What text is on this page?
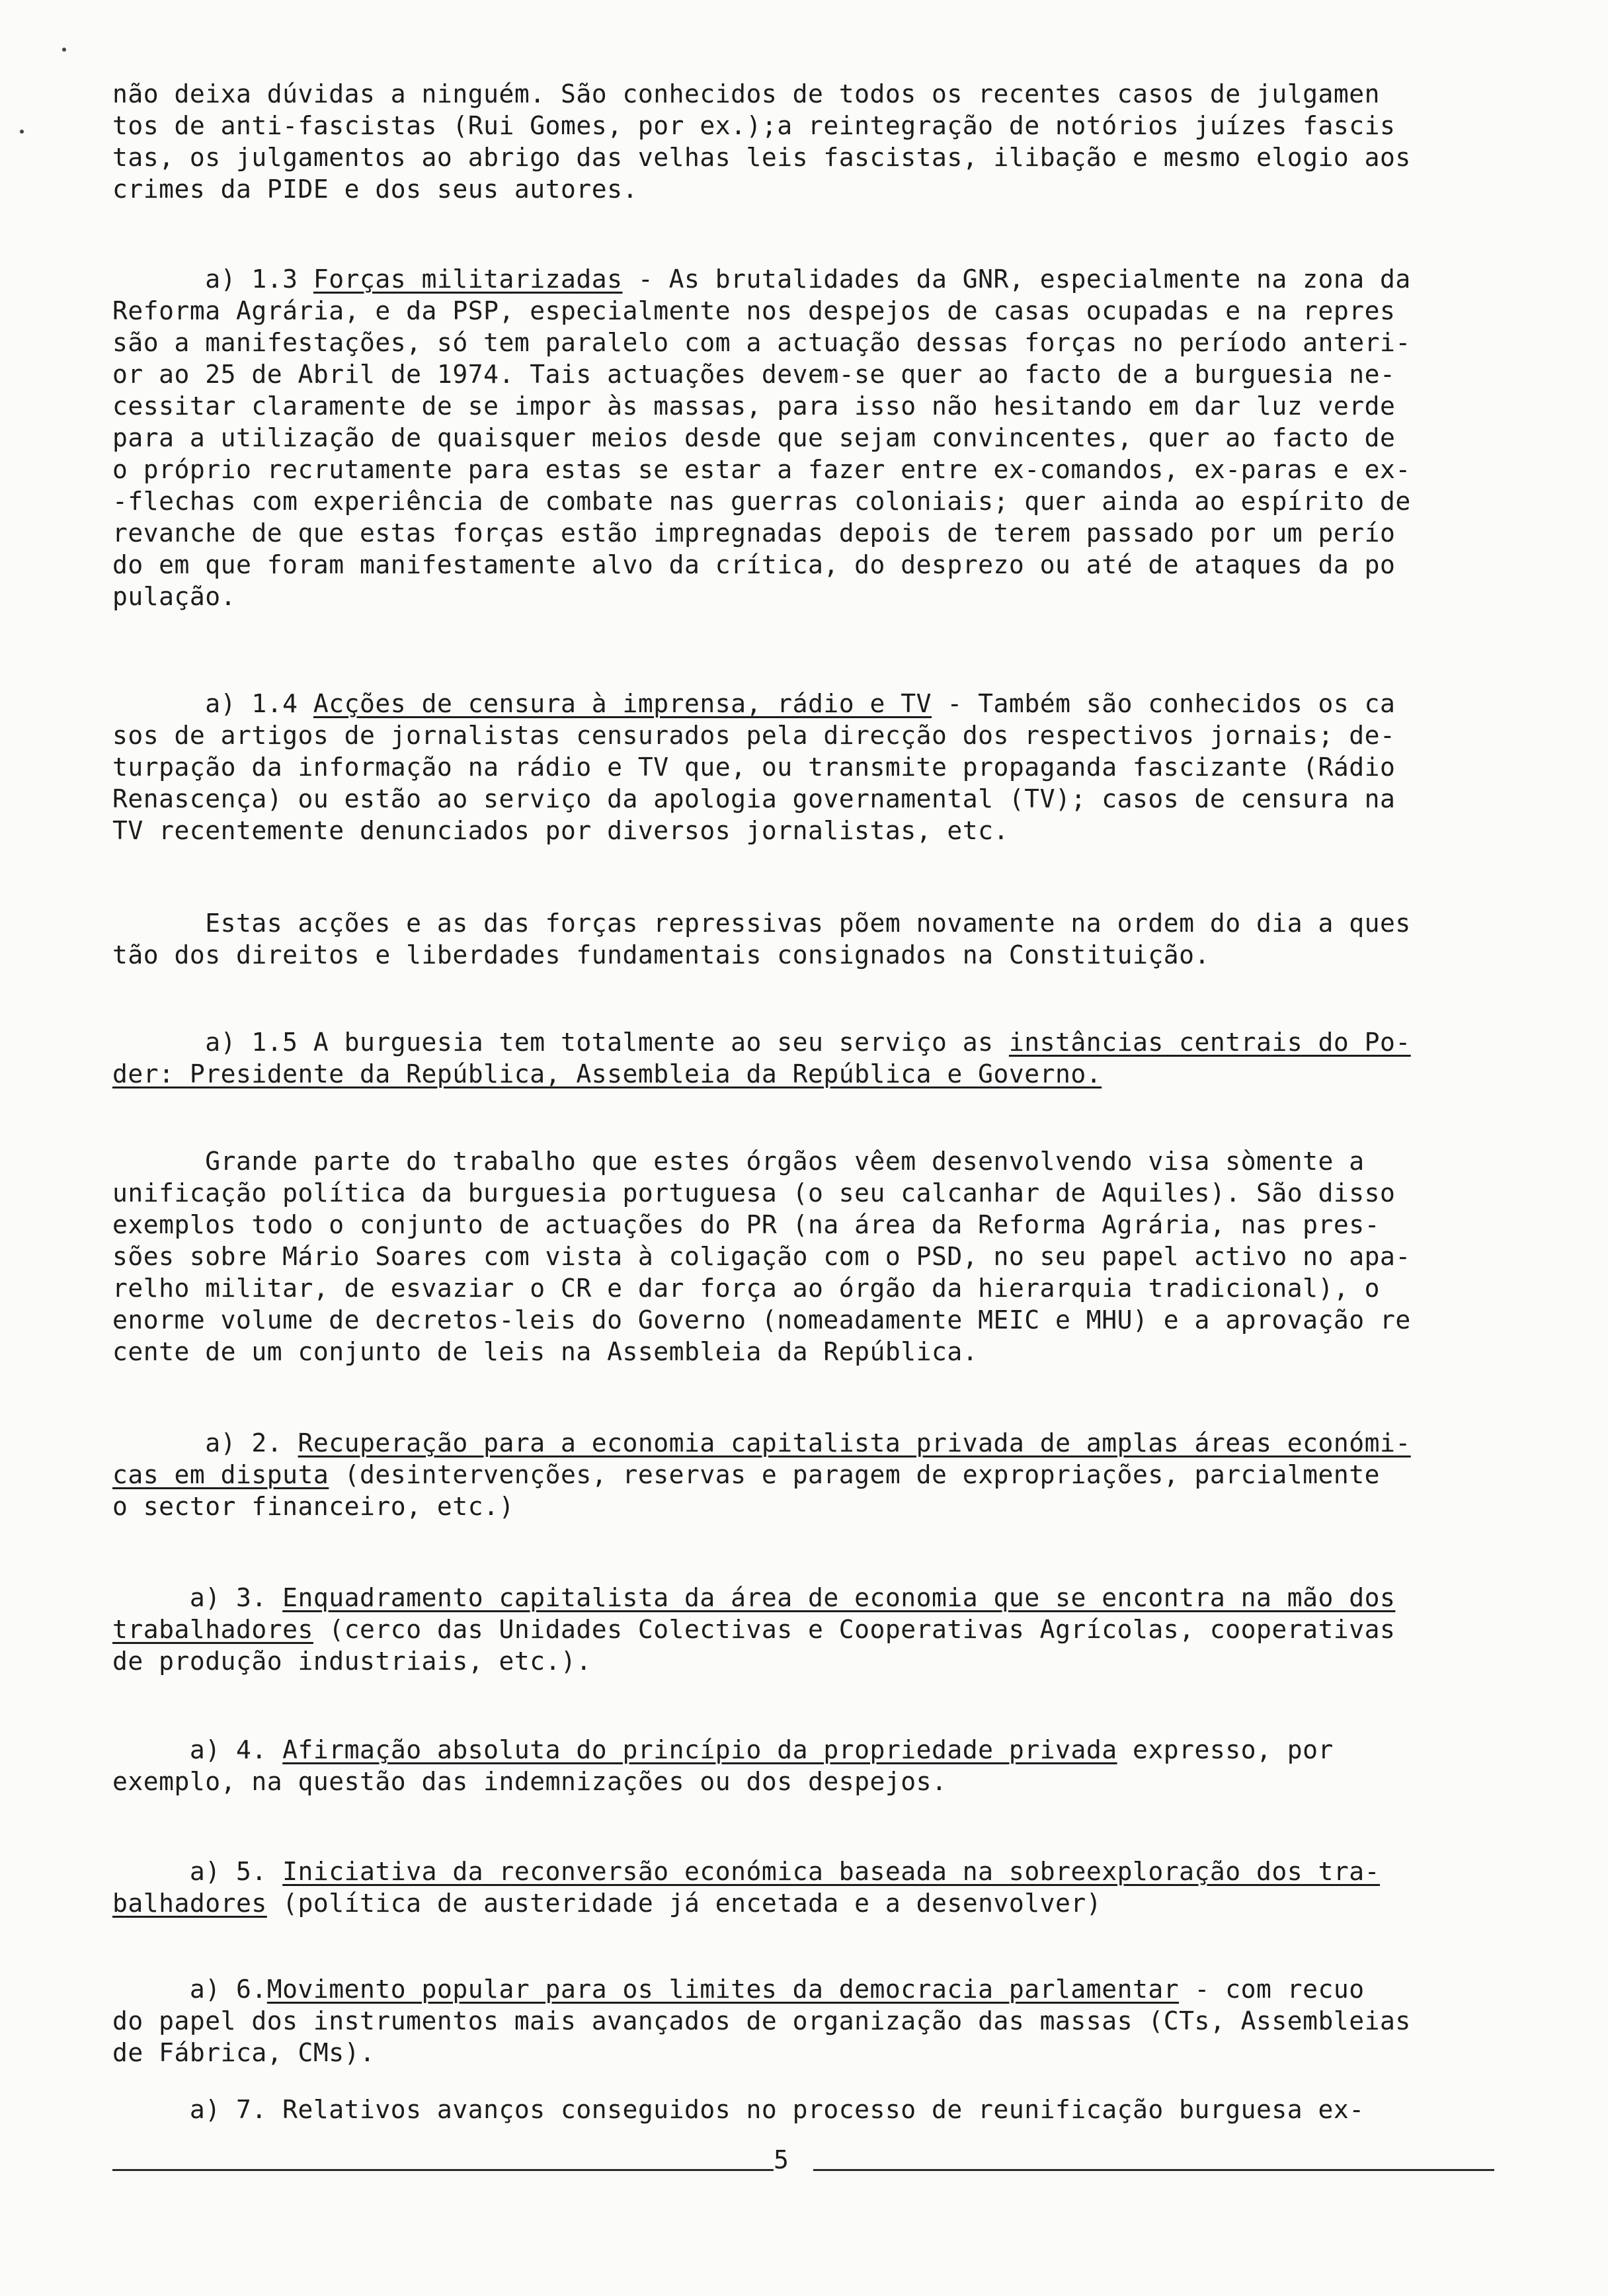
não deixa dúvidas a ninguém. São conhecidos de todos os recentes casos de julgamen
tos de anti-fascistas (Rui Gomes, por ex.);a reintegração de notórios juízes fascis
tas, os julgamentos ao abrigo das velhas leis fascistas, ilibação e mesmo elogio aos
crimes da PIDE e dos seus autores.
a) 1.3 Forças militarizadas - As brutalidades da GNR, especialmente na zona da
Reforma Agrária, e da PSP, especialmente nos despejos de casas ocupadas e na repres
são a manifestações, só tem paralelo com a actuação dessas forças no período anteri-
or ao 25 de Abril de 1974. Tais actuações devem-se quer ao facto de a burguesia ne-
cessitar claramente de se impor às massas, para isso não hesitando em dar luz verde
para a utilização de quaisquer meios desde que sejam convincentes, quer ao facto de
o próprio recrutamente para estas se estar a fazer entre ex-comandos, ex-paras e ex-
-flechas com experiência de combate nas guerras coloniais; quer ainda ao espírito de
revanche de que estas forças estão impregnadas depois de terem passado por um perío
do em que foram manifestamente alvo da crítica, do desprezo ou até de ataques da po
pulação.
a) 1.4 Acções de censura à imprensa, rádio e TV - Também são conhecidos os ca
sos de artigos de jornalistas censurados pela direcção dos respectivos jornais; de-
turpação da informação na rádio e TV que, ou transmite propaganda fascizante (Rádio
Renascença) ou estão ao serviço da apologia governamental (TV); casos de censura na
TV recentemente denunciados por diversos jornalistas, etc.
Estas acções e as das forças repressivas põem novamente na ordem do dia a ques
tão dos direitos e liberdades fundamentais consignados na Constituição.
a) 1.5 A burguesia tem totalmente ao seu serviço as instâncias centrais do Po-
der: Presidente da República, Assembleia da República e Governo.
Grande parte do trabalho que estes órgãos vêem desenvolvendo visa sòmente a
unificação política da burguesia portuguesa (o seu calcanhar de Aquiles). São disso
exemplos todo o conjunto de actuações do PR (na área da Reforma Agrária, nas pres-
sões sobre Mário Soares com vista à coligação com o PSD, no seu papel activo no apa-
relho militar, de esvaziar o CR e dar força ao órgão da hierarquia tradicional), o
enorme volume de decretos-leis do Governo (nomeadamente MEIC e MHU) e a aprovação re
cente de um conjunto de leis na Assembleia da República.
a) 2. Recuperação para a economia capitalista privada de amplas áreas económi-
cas em disputa (desintervenções, reservas e paragem de expropriações, parcialmente
o sector financeiro, etc.)
a) 3. Enquadramento capitalista da área de economia que se encontra na mão dos
trabalhadores (cerco das Unidades Colectivas e Cooperativas Agrícolas, cooperativas
de produção industriais, etc.).
a) 4. Afirmação absoluta do princípio da propriedade privada expresso, por
exemplo, na questão das indemnizações ou dos despejos.
a) 5. Iniciativa da reconversão económica baseada na sobreexploração dos tra-
balhadores (política de austeridade já encetada e a desenvolver)
a) 6.Movimento popular para os limites da democracia parlamentar - com recuo
do papel dos instrumentos mais avançados de organização das massas (CTs, Assembleias
de Fábrica, CMs).
a) 7. Relativos avanços conseguidos no processo de reunificação burguesa ex-
5
